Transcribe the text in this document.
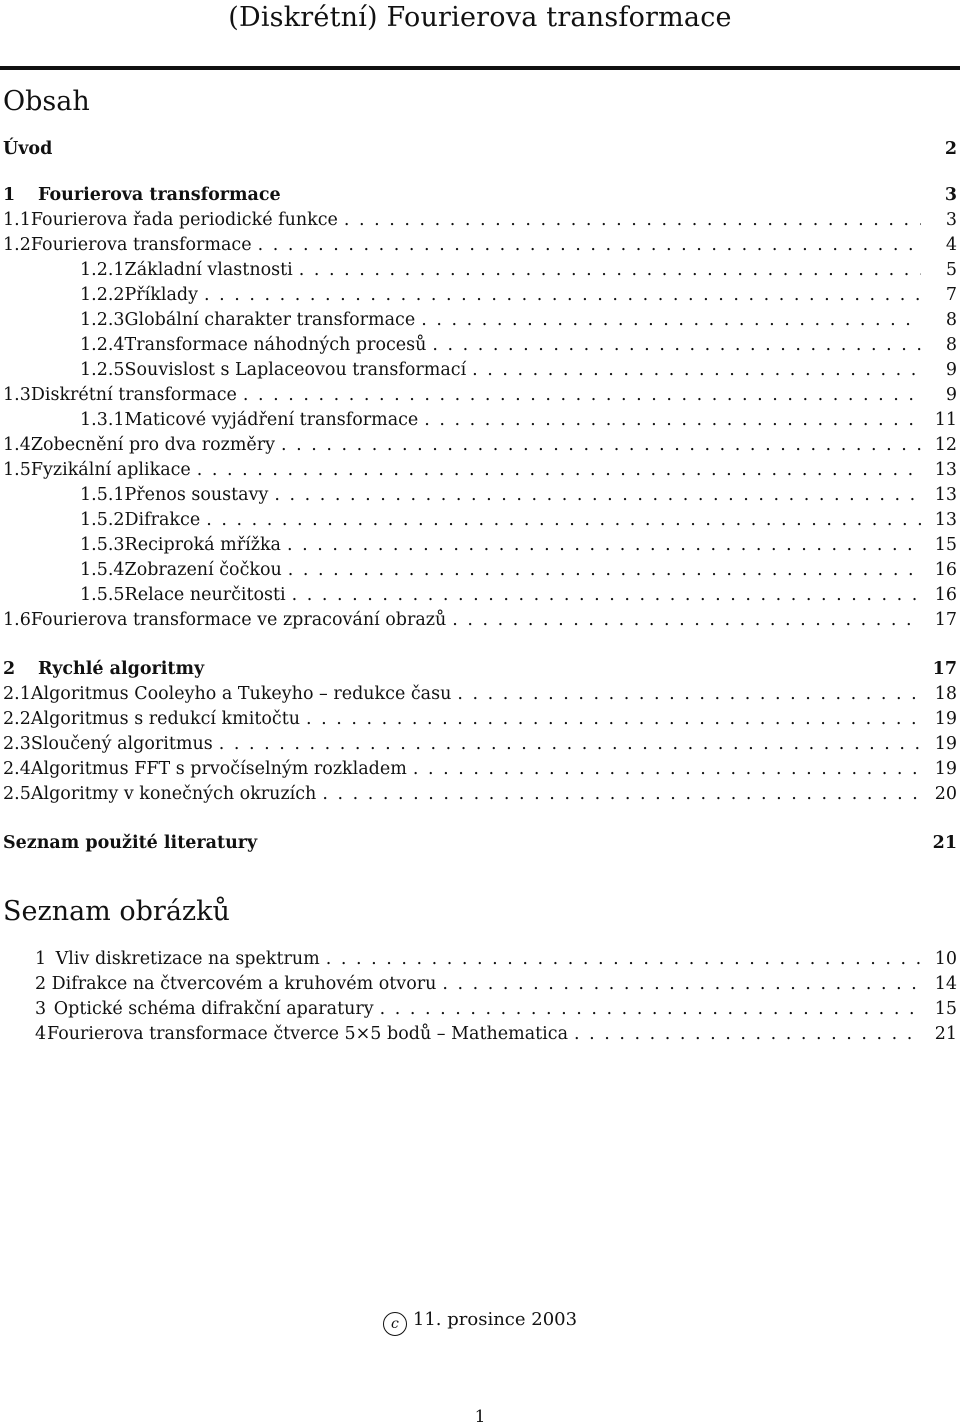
(Diskrétní) Fourierova transformace
Obsah
Úvod	2
1	Fourierova transformace	3
1.1 Fourierova řada periodické funkce . . .	3
1.2 Fourierova transformace . . .	4
1.2.1 Základní vlastnosti . . .	5
1.2.2 Příklady . . .	7
1.2.3 Globální charakter transformace . . .	8
1.2.4 Transformace náhodných procesů . . .	8
1.2.5 Souvislost s Laplaceovou transformací . . .	9
1.3 Diskrétní transformace . . .	9
1.3.1 Maticové vyjádření transformace . . .	11
1.4 Zobecnění pro dva rozměry . . .	12
1.5 Fyzikální aplikace . . .	13
1.5.1 Přenos soustavy . . .	13
1.5.2 Difrakce . . .	13
1.5.3 Reciproká mřížka . . .	15
1.5.4 Zobrazení čočkou . . .	16
1.5.5 Relace neurčitosti . . .	16
1.6 Fourierova transformace ve zpracování obrazů . . .	17
2	Rychlé algoritmy	17
2.1 Algoritmus Cooleyho a Tukeyho – redukce času . . .	18
2.2 Algoritmus s redukcí kmitočtu . . .	19
2.3 Sloučený algoritmus . . .	19
2.4 Algoritmus FFT s prvočíselným rozkladem . . .	19
2.5 Algoritmy v konečných okruzích . . .	20
Seznam použité literatury	21
Seznam obrázků
1 Vliv diskretizace na spektrum . . .	10
2 Difrakce na čtvercovém a kruhovém otvoru . . .	14
3 Optické schéma difrakční aparatury . . .	15
4 Fourierova transformace čtverce 5×5 bodů – Mathematica . . .	21
c 11. prosince 2003
1
